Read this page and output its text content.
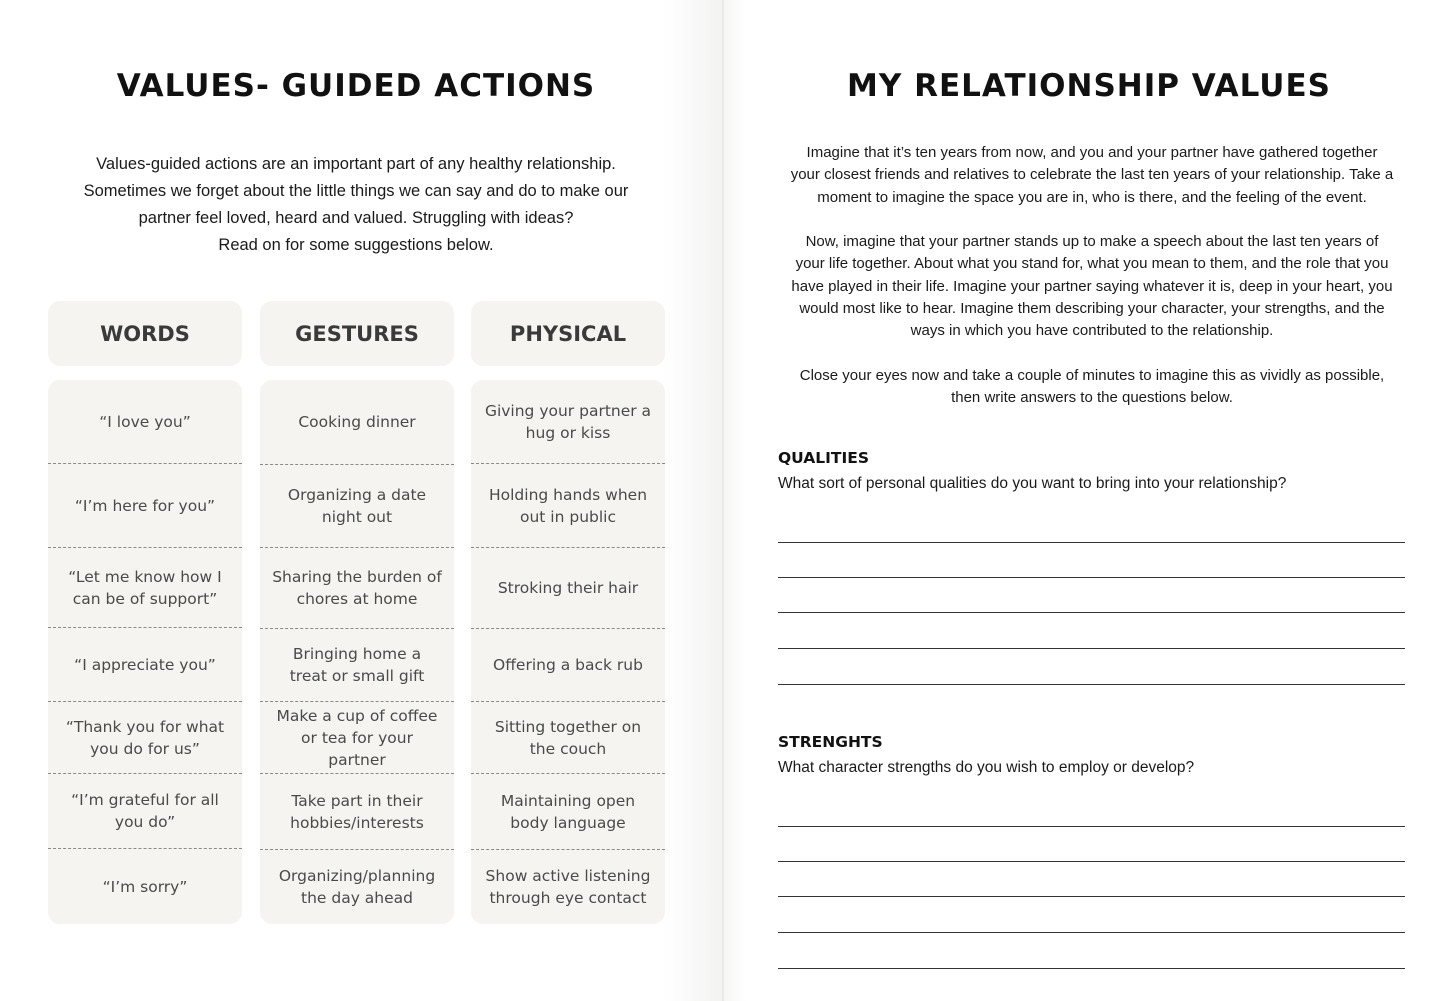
VALUES- GUIDED ACTIONS

Values-guided actions are an important part of any healthy relationship.
Sometimes we forget about the little things we can say and do to make our
partner feel loved, heard and valued. Struggling with ideas?
Read on for some suggestions below.

WORDS
“I love you”
“I’m here for you”
“Let me know how I can be of support”
“I appreciate you”
“Thank you for what you do for us”
“I’m grateful for all you do”
“I’m sorry”
GESTURES
Cooking dinner
Organizing a date night out
Sharing the burden of chores at home
Bringing home a treat or small gift
Make a cup of coffee or tea for your partner
Take part in their hobbies/interests
Organizing/planning the day ahead
PHYSICAL
Giving your partner a hug or kiss
Holding hands when out in public
Stroking their hair
Offering a back rub
Sitting together on the couch
Maintaining open body language
Show active listening through eye contact
MY RELATIONSHIP VALUES

Imagine that it’s ten years from now, and you and your partner have gathered together
your closest friends and relatives to celebrate the last ten years of your relationship. Take a
moment to imagine the space you are in, who is there, and the feeling of the event.

Now, imagine that your partner stands up to make a speech about the last ten years of
your life together. About what you stand for, what you mean to them, and the role that you
have played in their life. Imagine your partner saying whatever it is, deep in your heart, you
would most like to hear. Imagine them describing your character, your strengths, and the
ways in which you have contributed to the relationship.

Close your eyes now and take a couple of minutes to imagine this as vividly as possible,
then write answers to the questions below.

QUALITIES

What sort of personal qualities do you want to bring into your relationship?

STRENGHTS

What character strengths do you wish to employ or develop?
